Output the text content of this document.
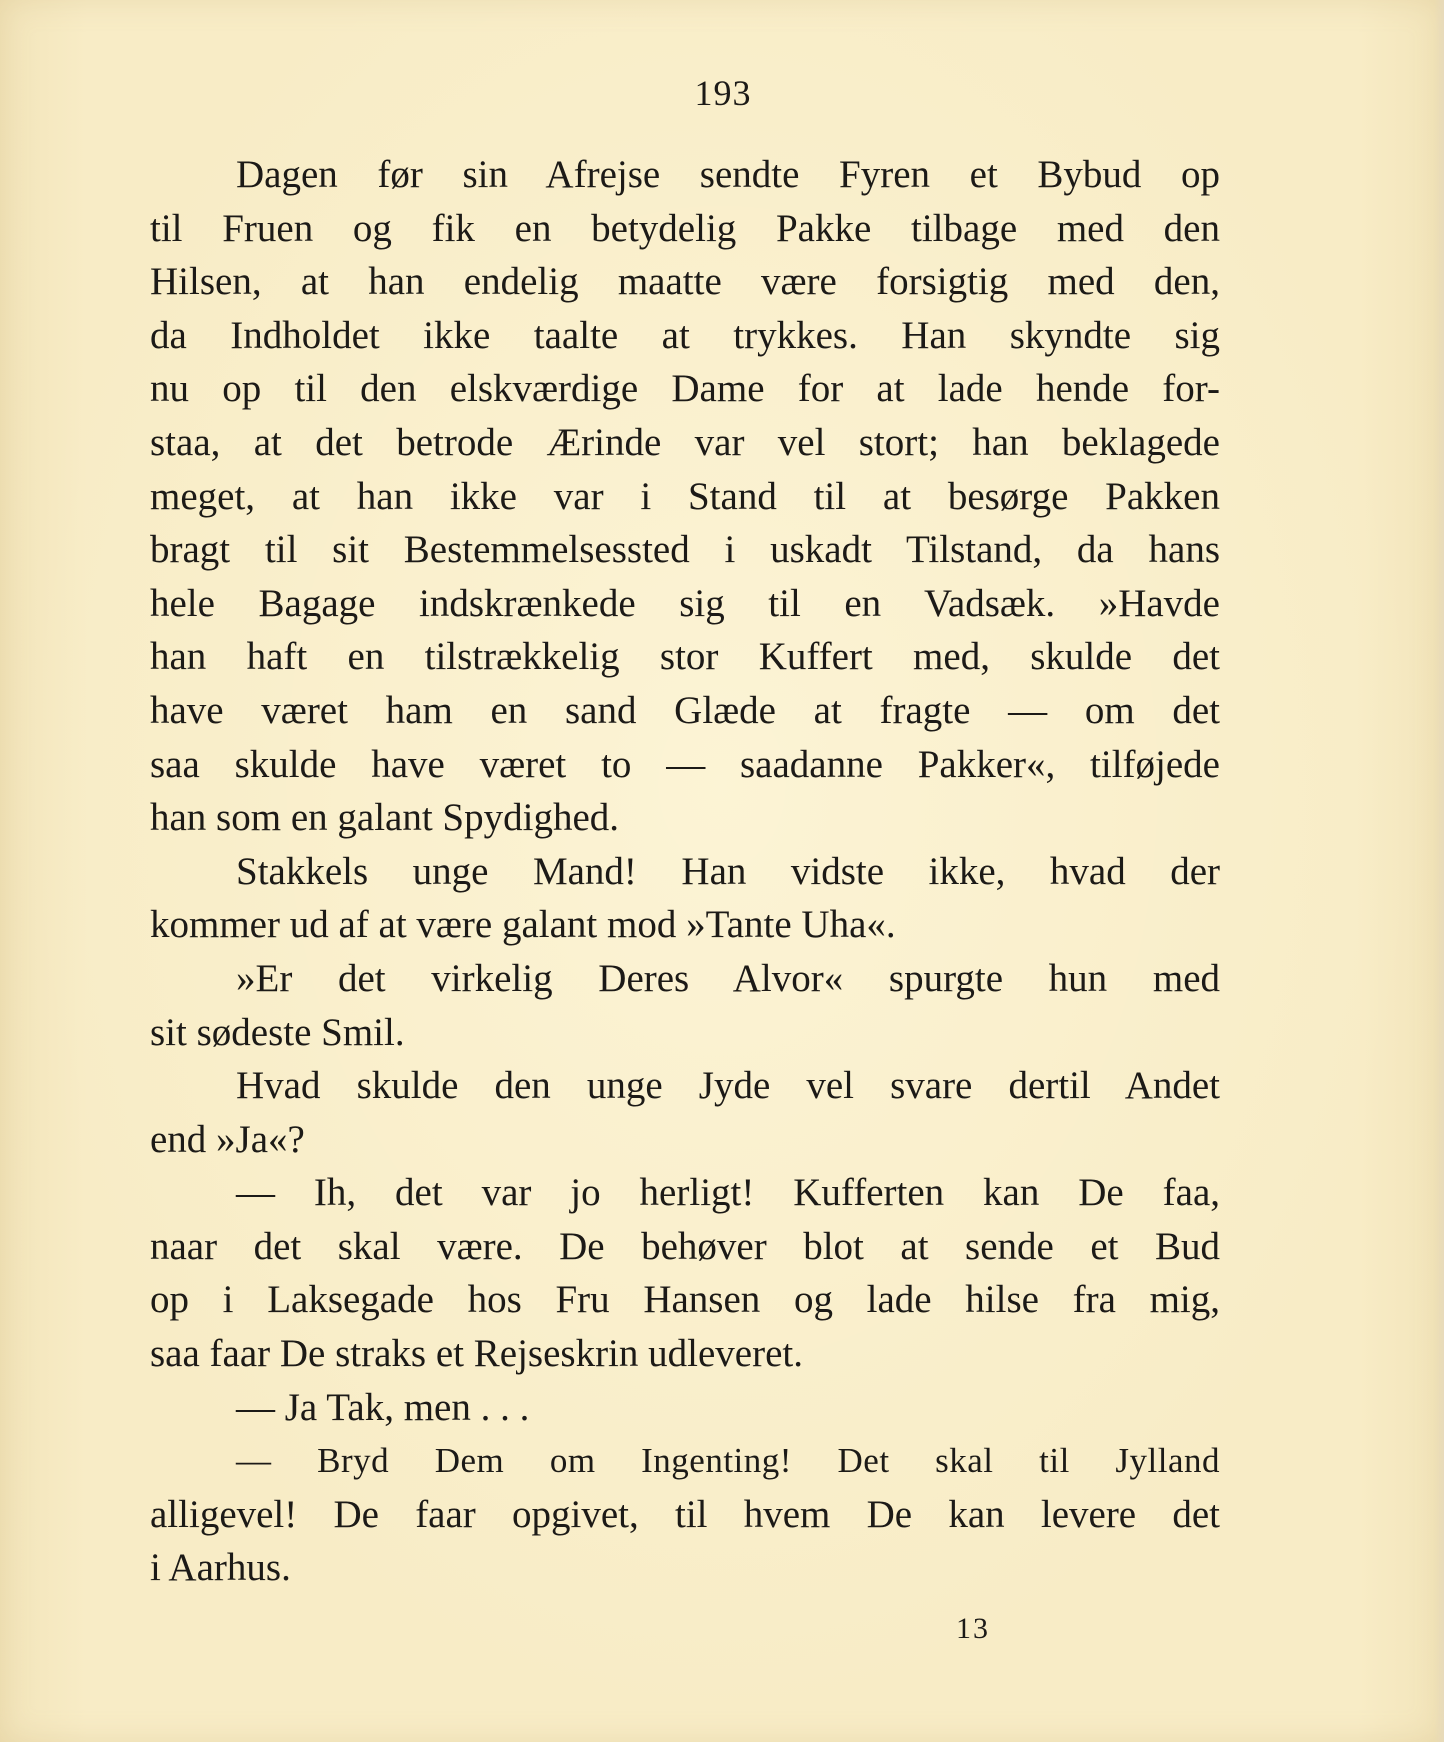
193
Dagen før sin Afrejse sendte Fyren et Bybud op
til Fruen og fik en betydelig Pakke tilbage med den
Hilsen, at han endelig maatte være forsigtig med den,
da Indholdet ikke taalte at trykkes. Han skyndte sig
nu op til den elskværdige Dame for at lade hende for-
staa, at det betrode Ærinde var vel stort; han beklagede
meget, at han ikke var i Stand til at besørge Pakken
bragt til sit Bestemmelsessted i uskadt Tilstand, da hans
hele Bagage indskrænkede sig til en Vadsæk. »Havde
han haft en tilstrækkelig stor Kuffert med, skulde det
have været ham en sand Glæde at fragte — om det
saa skulde have været to — saadanne Pakker«, tilføjede
han som en galant Spydighed.
Stakkels unge Mand! Han vidste ikke, hvad der
kommer ud af at være galant mod »Tante Uha«.
»Er det virkelig Deres Alvor« spurgte hun med
sit sødeste Smil.
Hvad skulde den unge Jyde vel svare dertil Andet
end »Ja«?
— Ih, det var jo herligt! Kufferten kan De faa,
naar det skal være. De behøver blot at sende et Bud
op i Laksegade hos Fru Hansen og lade hilse fra mig,
saa faar De straks et Rejseskrin udleveret.
— Ja Tak, men . . .
— Bryd Dem om Ingenting! Det skal til Jylland
alligevel! De faar opgivet, til hvem De kan levere det
i Aarhus.
13
